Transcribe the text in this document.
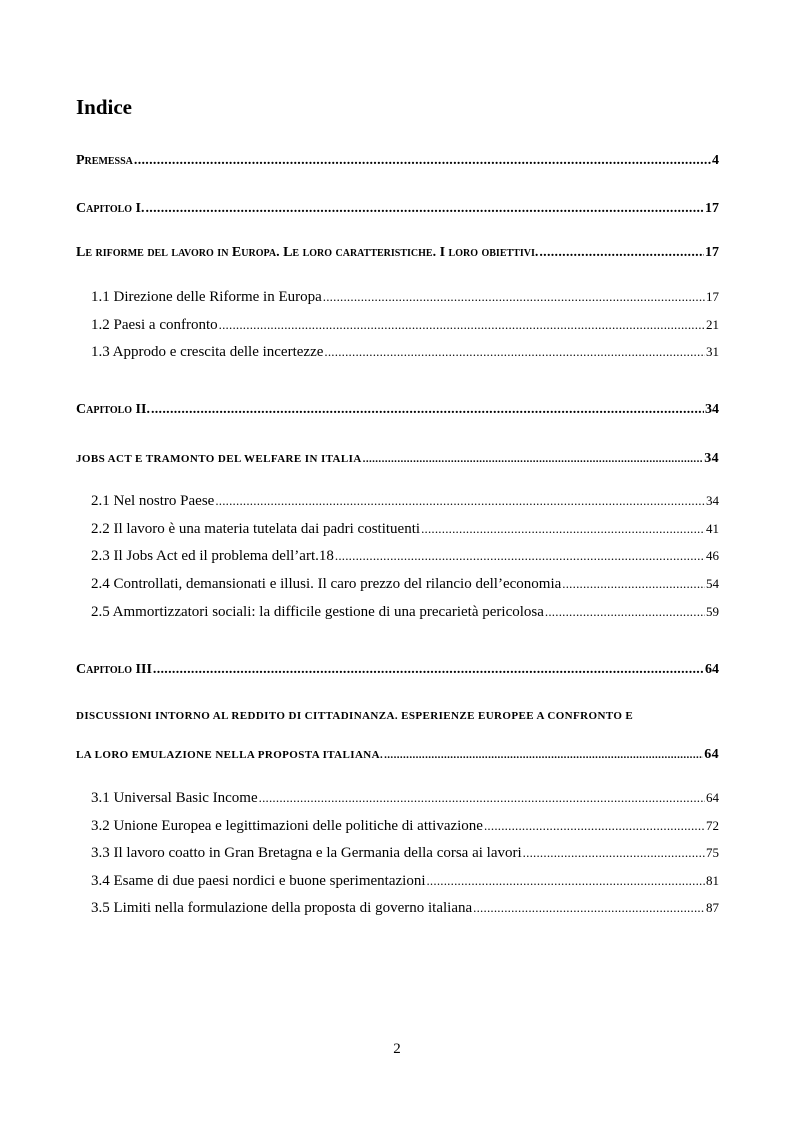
Indice
Premessa .....	4
Capitolo I. .....	17
Le riforme del lavoro in Europa. Le loro caratteristiche. I loro obiettivi. .....	17
1.1 Direzione delle Riforme in Europa .....	17
1.2 Paesi a confronto .....	21
1.3 Approdo e crescita delle incertezze .....	31
Capitolo II. .....	34
JOBS ACT E TRAMONTO DEL WELFARE IN ITALIA .....	34
2.1 Nel nostro Paese .....	34
2.2 Il lavoro è una materia tutelata dai padri costituenti .....	41
2.3 Il Jobs Act ed il problema dell’art.18 .....	46
2.4 Controllati, demansionati e illusi. Il caro prezzo del rilancio dell’economia .....	54
2.5 Ammortizzatori sociali: la difficile gestione di una precarietà pericolosa .....	59
Capitolo III .....	64
DISCUSSIONI INTORNO AL REDDITO DI CITTADINANZA. ESPERIENZE EUROPEE A CONFRONTO E
LA LORO EMULAZIONE NELLA PROPOSTA ITALIANA. .....	64
3.1 Universal Basic Income .....	64
3.2 Unione Europea e legittimazioni delle politiche di attivazione .....	72
3.3 Il lavoro coatto in Gran Bretagna e la Germania della corsa ai lavori .....	75
3.4 Esame di due paesi nordici e buone sperimentazioni .....	81
3.5 Limiti nella formulazione della proposta di governo italiana .....	87
2
